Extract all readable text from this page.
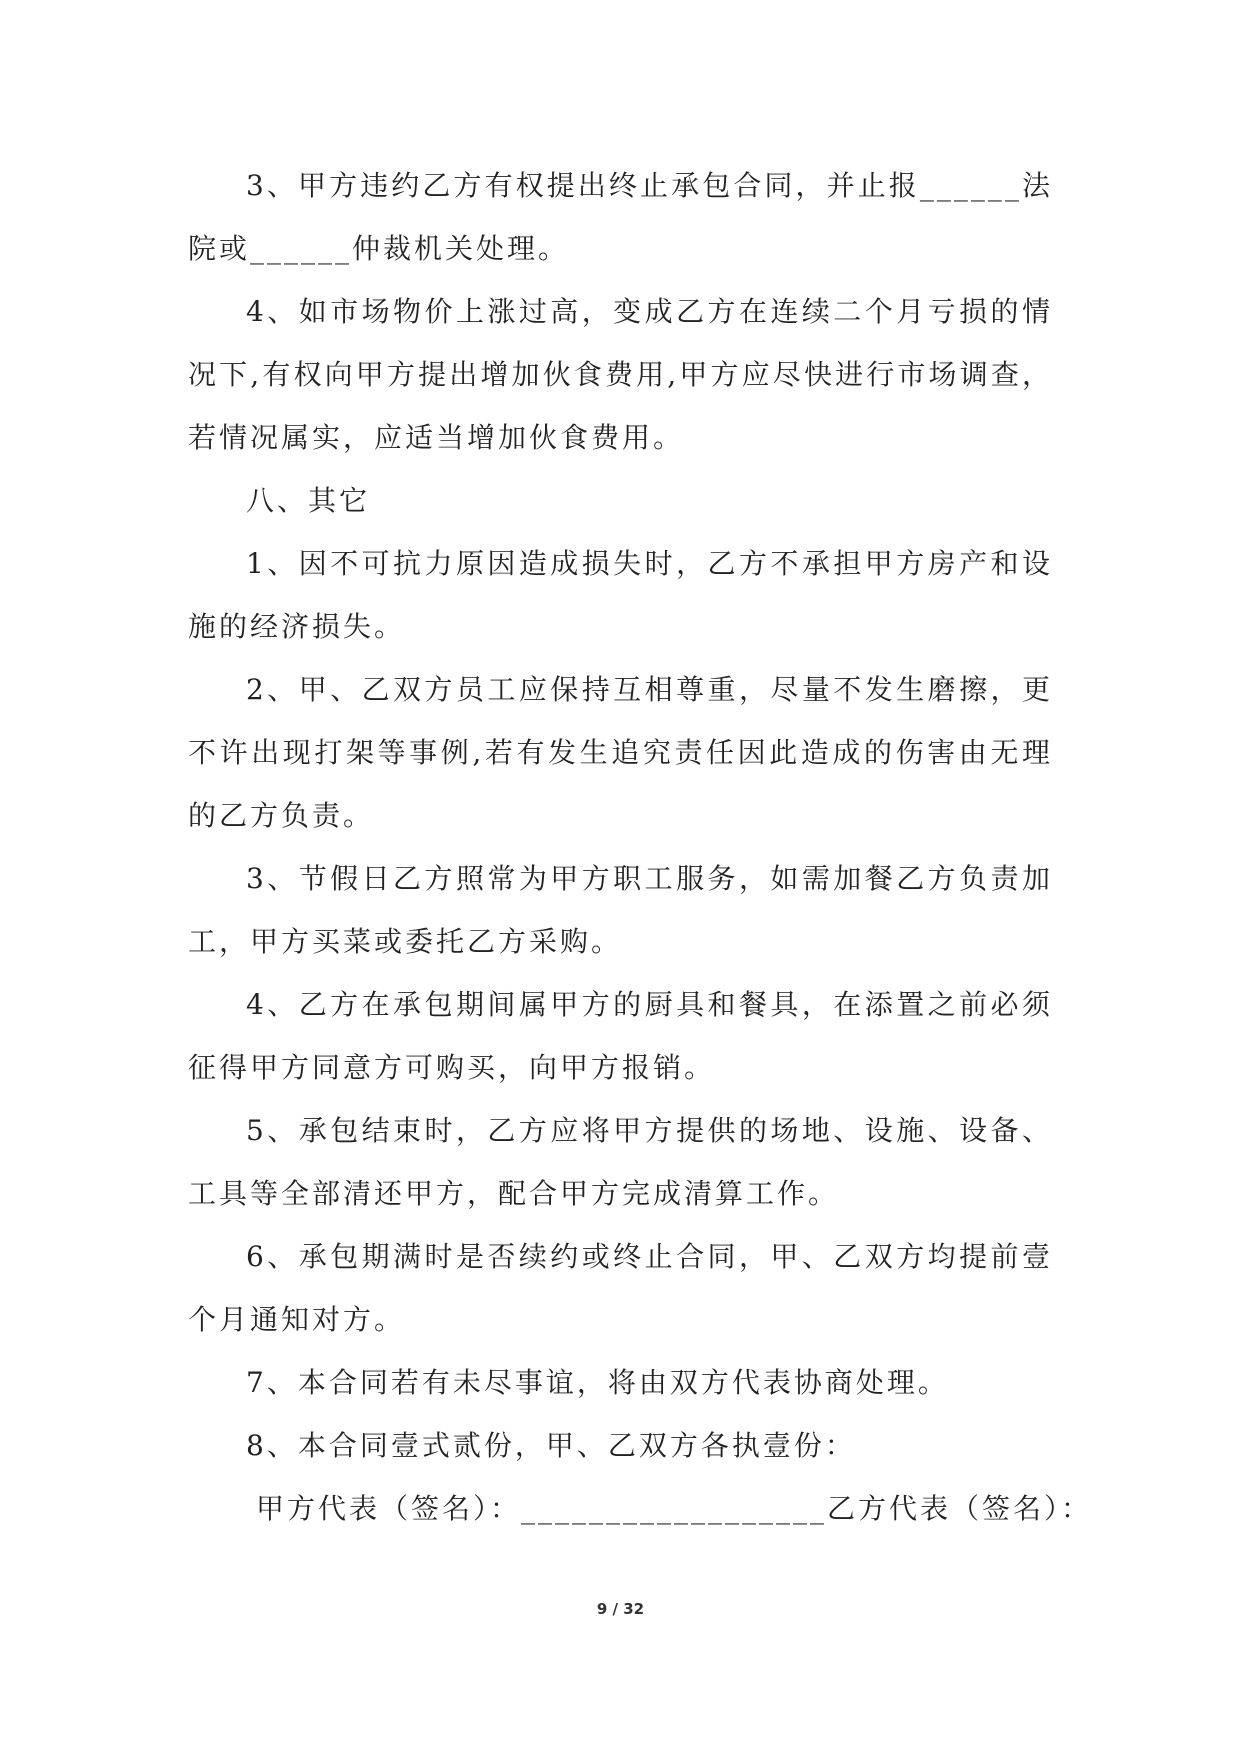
3、甲方违约乙方有权提出终止承包合同，并止报______法院或______仲裁机关处理。

4、如市场物价上涨过高，变成乙方在连续二个月亏损的情况下,有权向甲方提出增加伙食费用,甲方应尽快进行市场调查，若情况属实，应适当增加伙食费用。

八、其它

1、因不可抗力原因造成损失时，乙方不承担甲方房产和设施的经济损失。

2、甲、乙双方员工应保持互相尊重，尽量不发生磨擦，更不许出现打架等事例,若有发生追究责任因此造成的伤害由无理的乙方负责。

3、节假日乙方照常为甲方职工服务，如需加餐乙方负责加工，甲方买菜或委托乙方采购。

4、乙方在承包期间属甲方的厨具和餐具，在添置之前必须征得甲方同意方可购买，向甲方报销。

5、承包结束时，乙方应将甲方提供的场地、设施、设备、工具等全部清还甲方，配合甲方完成清算工作。

6、承包期满时是否续约或终止合同，甲、乙双方均提前壹个月通知对方。

7、本合同若有未尽事谊，将由双方代表协商处理。

8、本合同壹式贰份，甲、乙双方各执壹份：

甲方代表（签名）：__________________乙方代表（签名）：

9 / 32
